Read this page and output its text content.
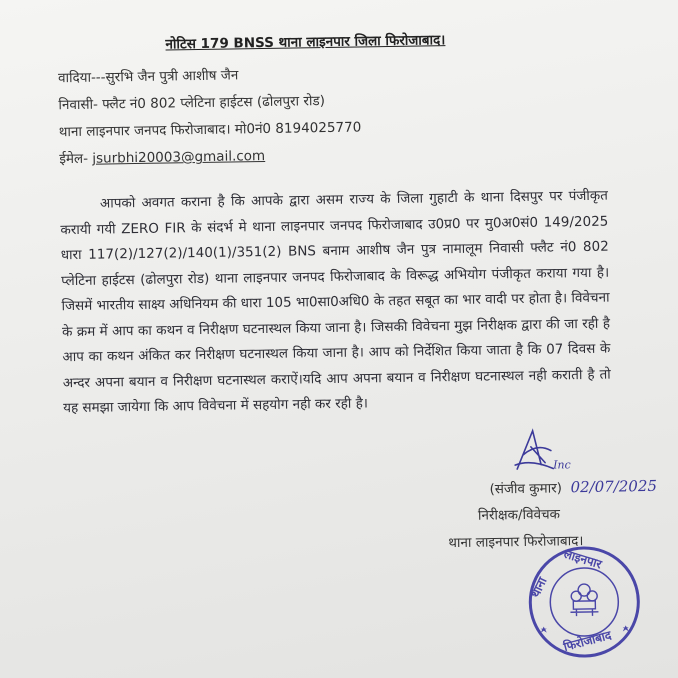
नोटिस 179 BNSS थाना लाइनपार जिला फिरोजाबाद।
वादिया---सुरभि जैन पुत्री आशीष जैन
निवासी- फ्लैट नं0 802 प्लेटिना हाईटस (ढोलपुरा रोड)
थाना लाइनपार जनपद फिरोजाबाद। मो0नं0 8194025770
ईमेल- jsurbhi20003@gmail.com
आपको अवगत कराना है कि आपके द्वारा असम राज्य के जिला गुहाटी के थाना दिसपुर पर पंजीकृत करायी गयी ZERO FIR के संदर्भ मे थाना लाइनपार जनपद फिरोजाबाद उ0प्र0 पर मु0अ0सं0 149/2025 धारा 117(2)/127(2)/140(1)/351(2) BNS बनाम आशीष जैन पुत्र नामालूम निवासी फ्लैट नं0 802 प्लेटिना हाईटस (ढोलपुरा रोड) थाना लाइनपार जनपद फिरोजाबाद के विरूद्ध अभियोग पंजीकृत कराया गया है। जिसमें भारतीय साक्ष्य अधिनियम की धारा 105 भा0सा0अधि0 के तहत सबूत का भार वादी पर होता है। विवेचना के क्रम में आप का कथन व निरीक्षण घटनास्थल किया जाना है। जिसकी विवेचना मुझ निरीक्षक द्वारा की जा रही है आप का कथन अंकित कर निरीक्षण घटनास्थल किया जाना है। आप को निर्देशित किया जाता है कि 07 दिवस के अन्दर अपना बयान व निरीक्षण घटनास्थल कराऐं।यदि आप अपना बयान व निरीक्षण घटनास्थल नही कराती है तो यह समझा जायेगा कि आप विवेचना में सहयोग नही कर रही है।
Inc
02/07/2025
(संजीव कुमार)
निरीक्षक/विवेचक
थाना लाइनपार फिरोजाबाद।
लाइनपार
थाना
फिरोजाबाद
